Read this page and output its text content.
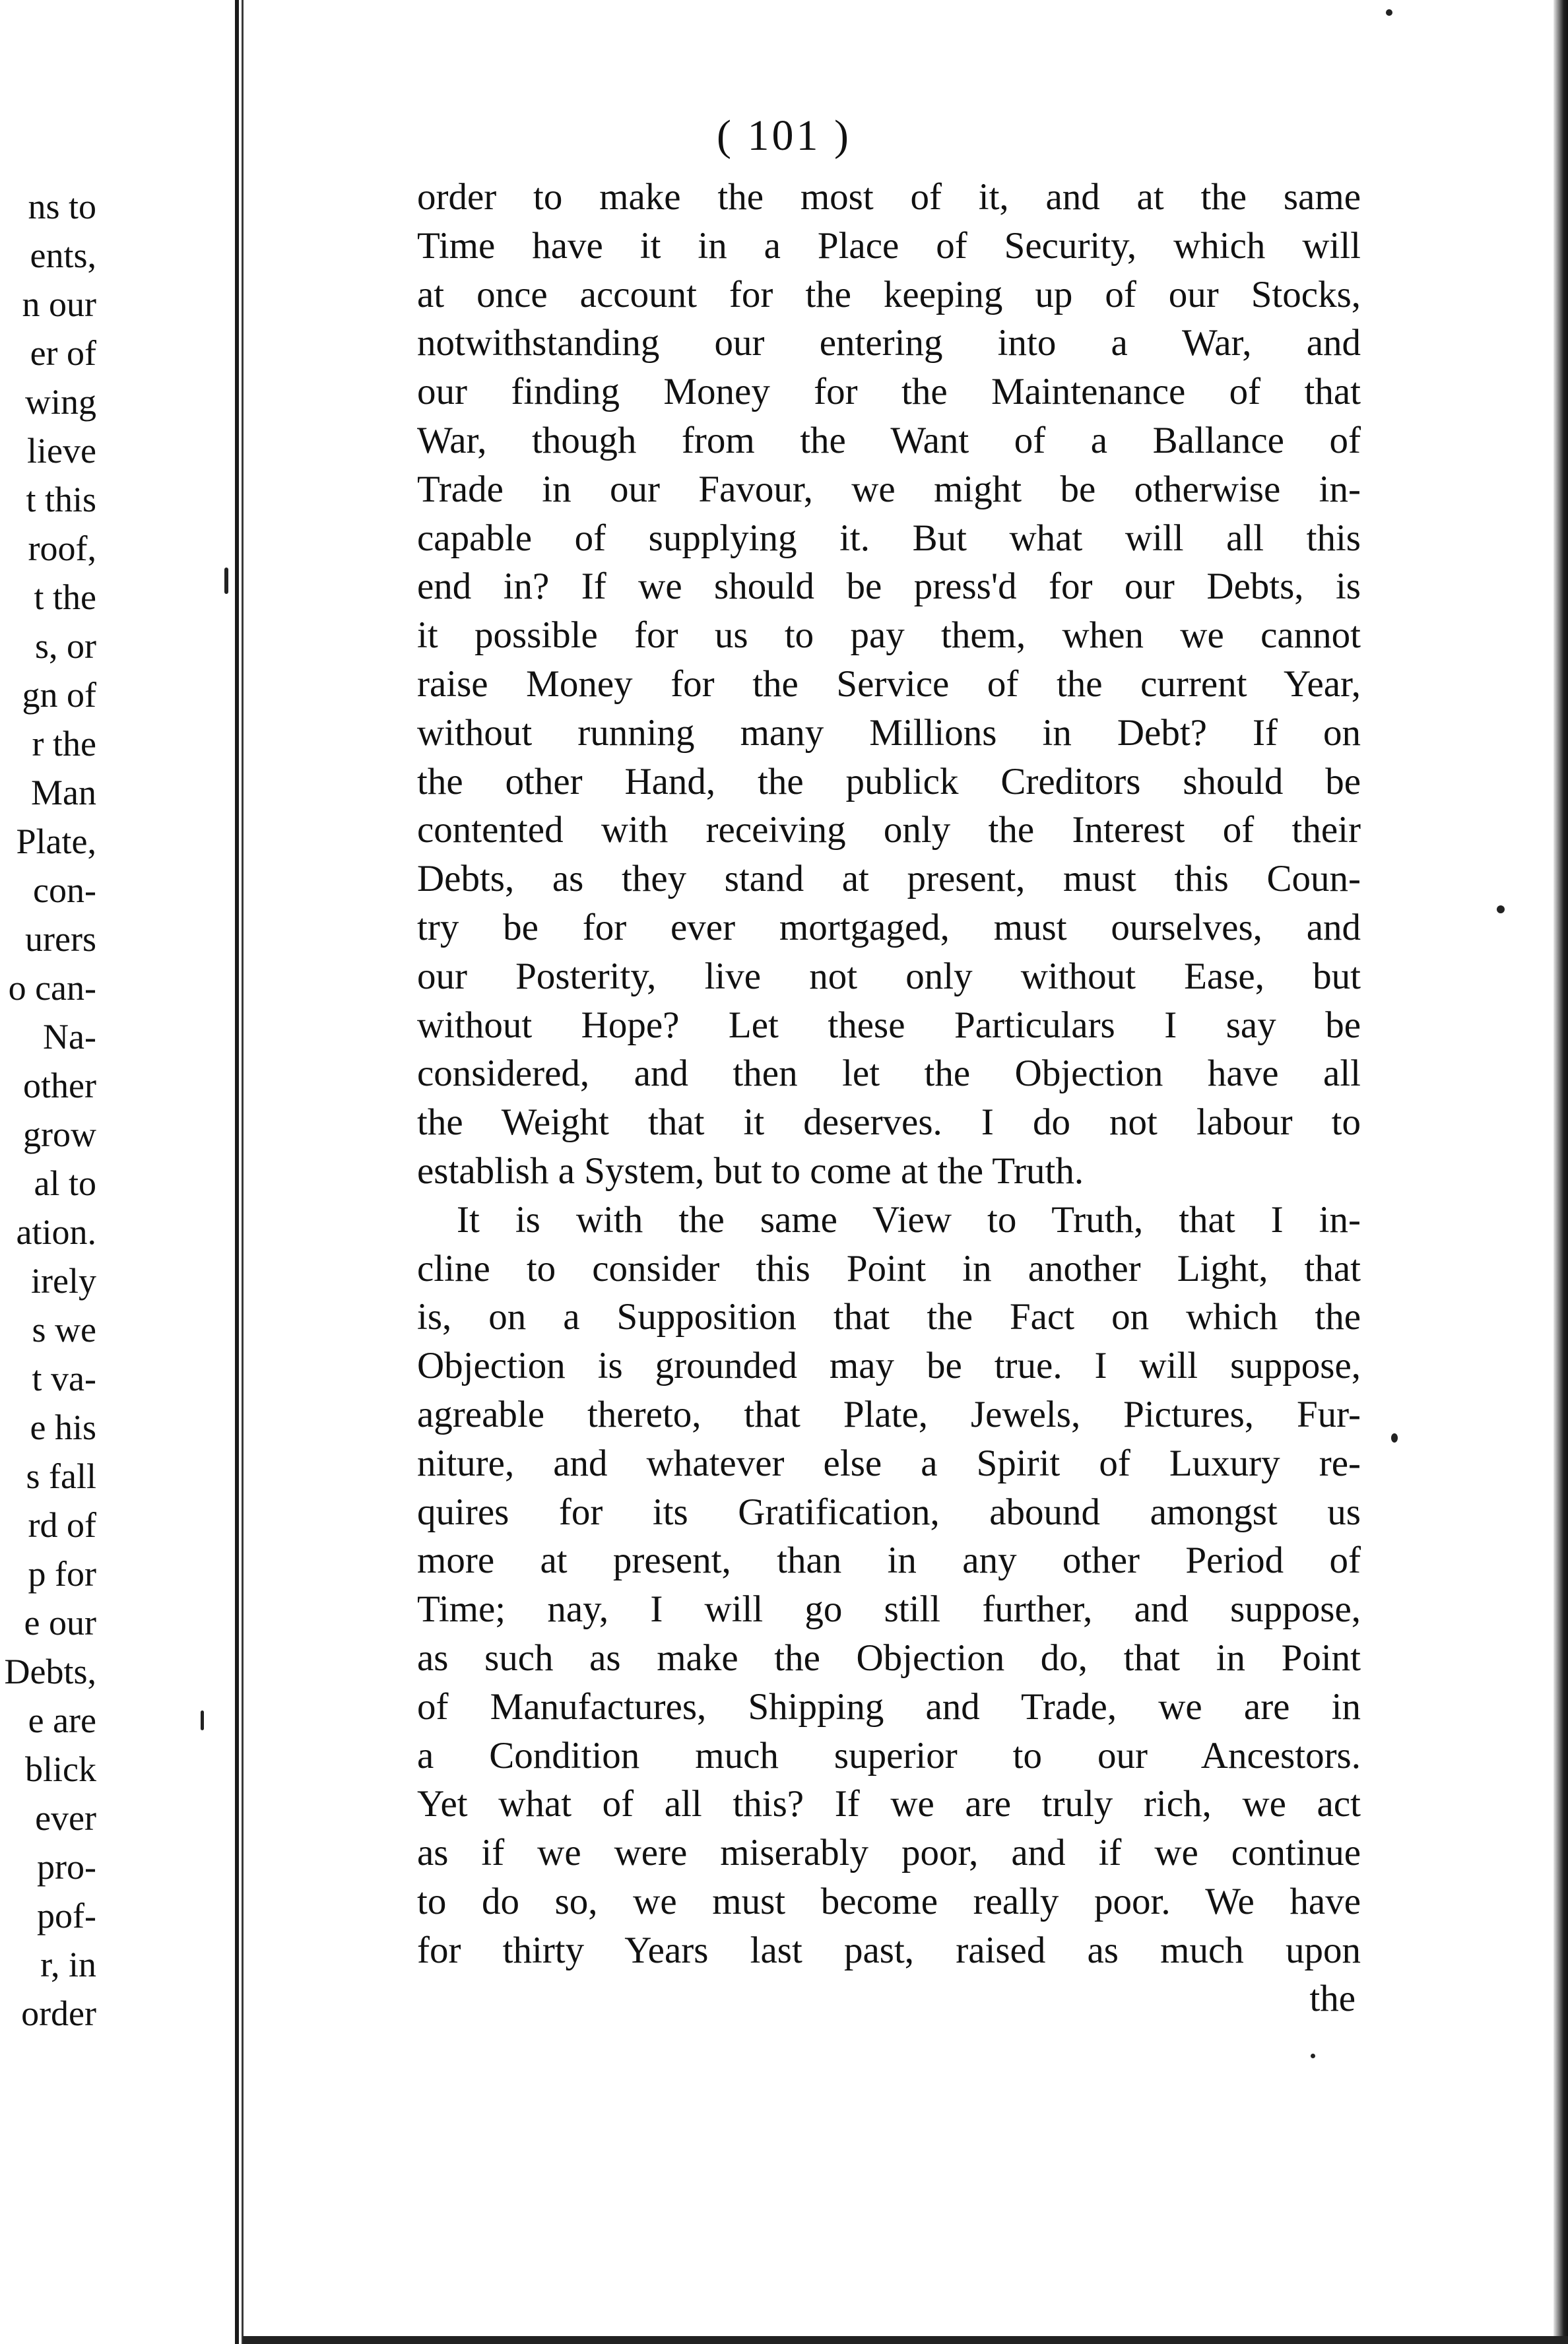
ns to
ents,
n our
er of
wing
lieve
t this
roof,
t the
s, or
gn of
r the
Man
Plate,
con-
urers
o can-
Na-
other
grow
al to
ation.
irely
s we
t va-
e his
s fall
rd of
p for
e our
Debts,
e are
blick
ever
pro-
pof-
r, in
order
( 101 )
order to make the most of it, and at the same
Time have it in a Place of Security, which will
at once account for the keeping up of our Stocks,
notwithstanding our entering into a War, and
our finding Money for the Maintenance of that
War, though from the Want of a Ballance of
Trade in our Favour, we might be otherwise in-
capable of supplying it. But what will all this
end in? If we should be press'd for our Debts, is
it possible for us to pay them, when we cannot
raise Money for the Service of the current Year,
without running many Millions in Debt? If on
the other Hand, the publick Creditors should be
contented with receiving only the Interest of their
Debts, as they stand at present, must this Coun-
try be for ever mortgaged, must ourselves, and
our Posterity, live not only without Ease, but
without Hope? Let these Particulars I say be
considered, and then let the Objection have all
the Weight that it deserves. I do not labour to
establish a System, but to come at the Truth.
It is with the same View to Truth, that I in-
cline to consider this Point in another Light, that
is, on a Supposition that the Fact on which the
Objection is grounded may be true. I will suppose,
agreable thereto, that Plate, Jewels, Pictures, Fur-
niture, and whatever else a Spirit of Luxury re-
quires for its Gratification, abound amongst us
more at present, than in any other Period of
Time; nay, I will go still further, and suppose,
as such as make the Objection do, that in Point
of Manufactures, Shipping and Trade, we are in
a Condition much superior to our Ancestors.
Yet what of all this? If we are truly rich, we act
as if we were miserably poor, and if we continue
to do so, we must become really poor. We have
for thirty Years last past, raised as much upon
the
